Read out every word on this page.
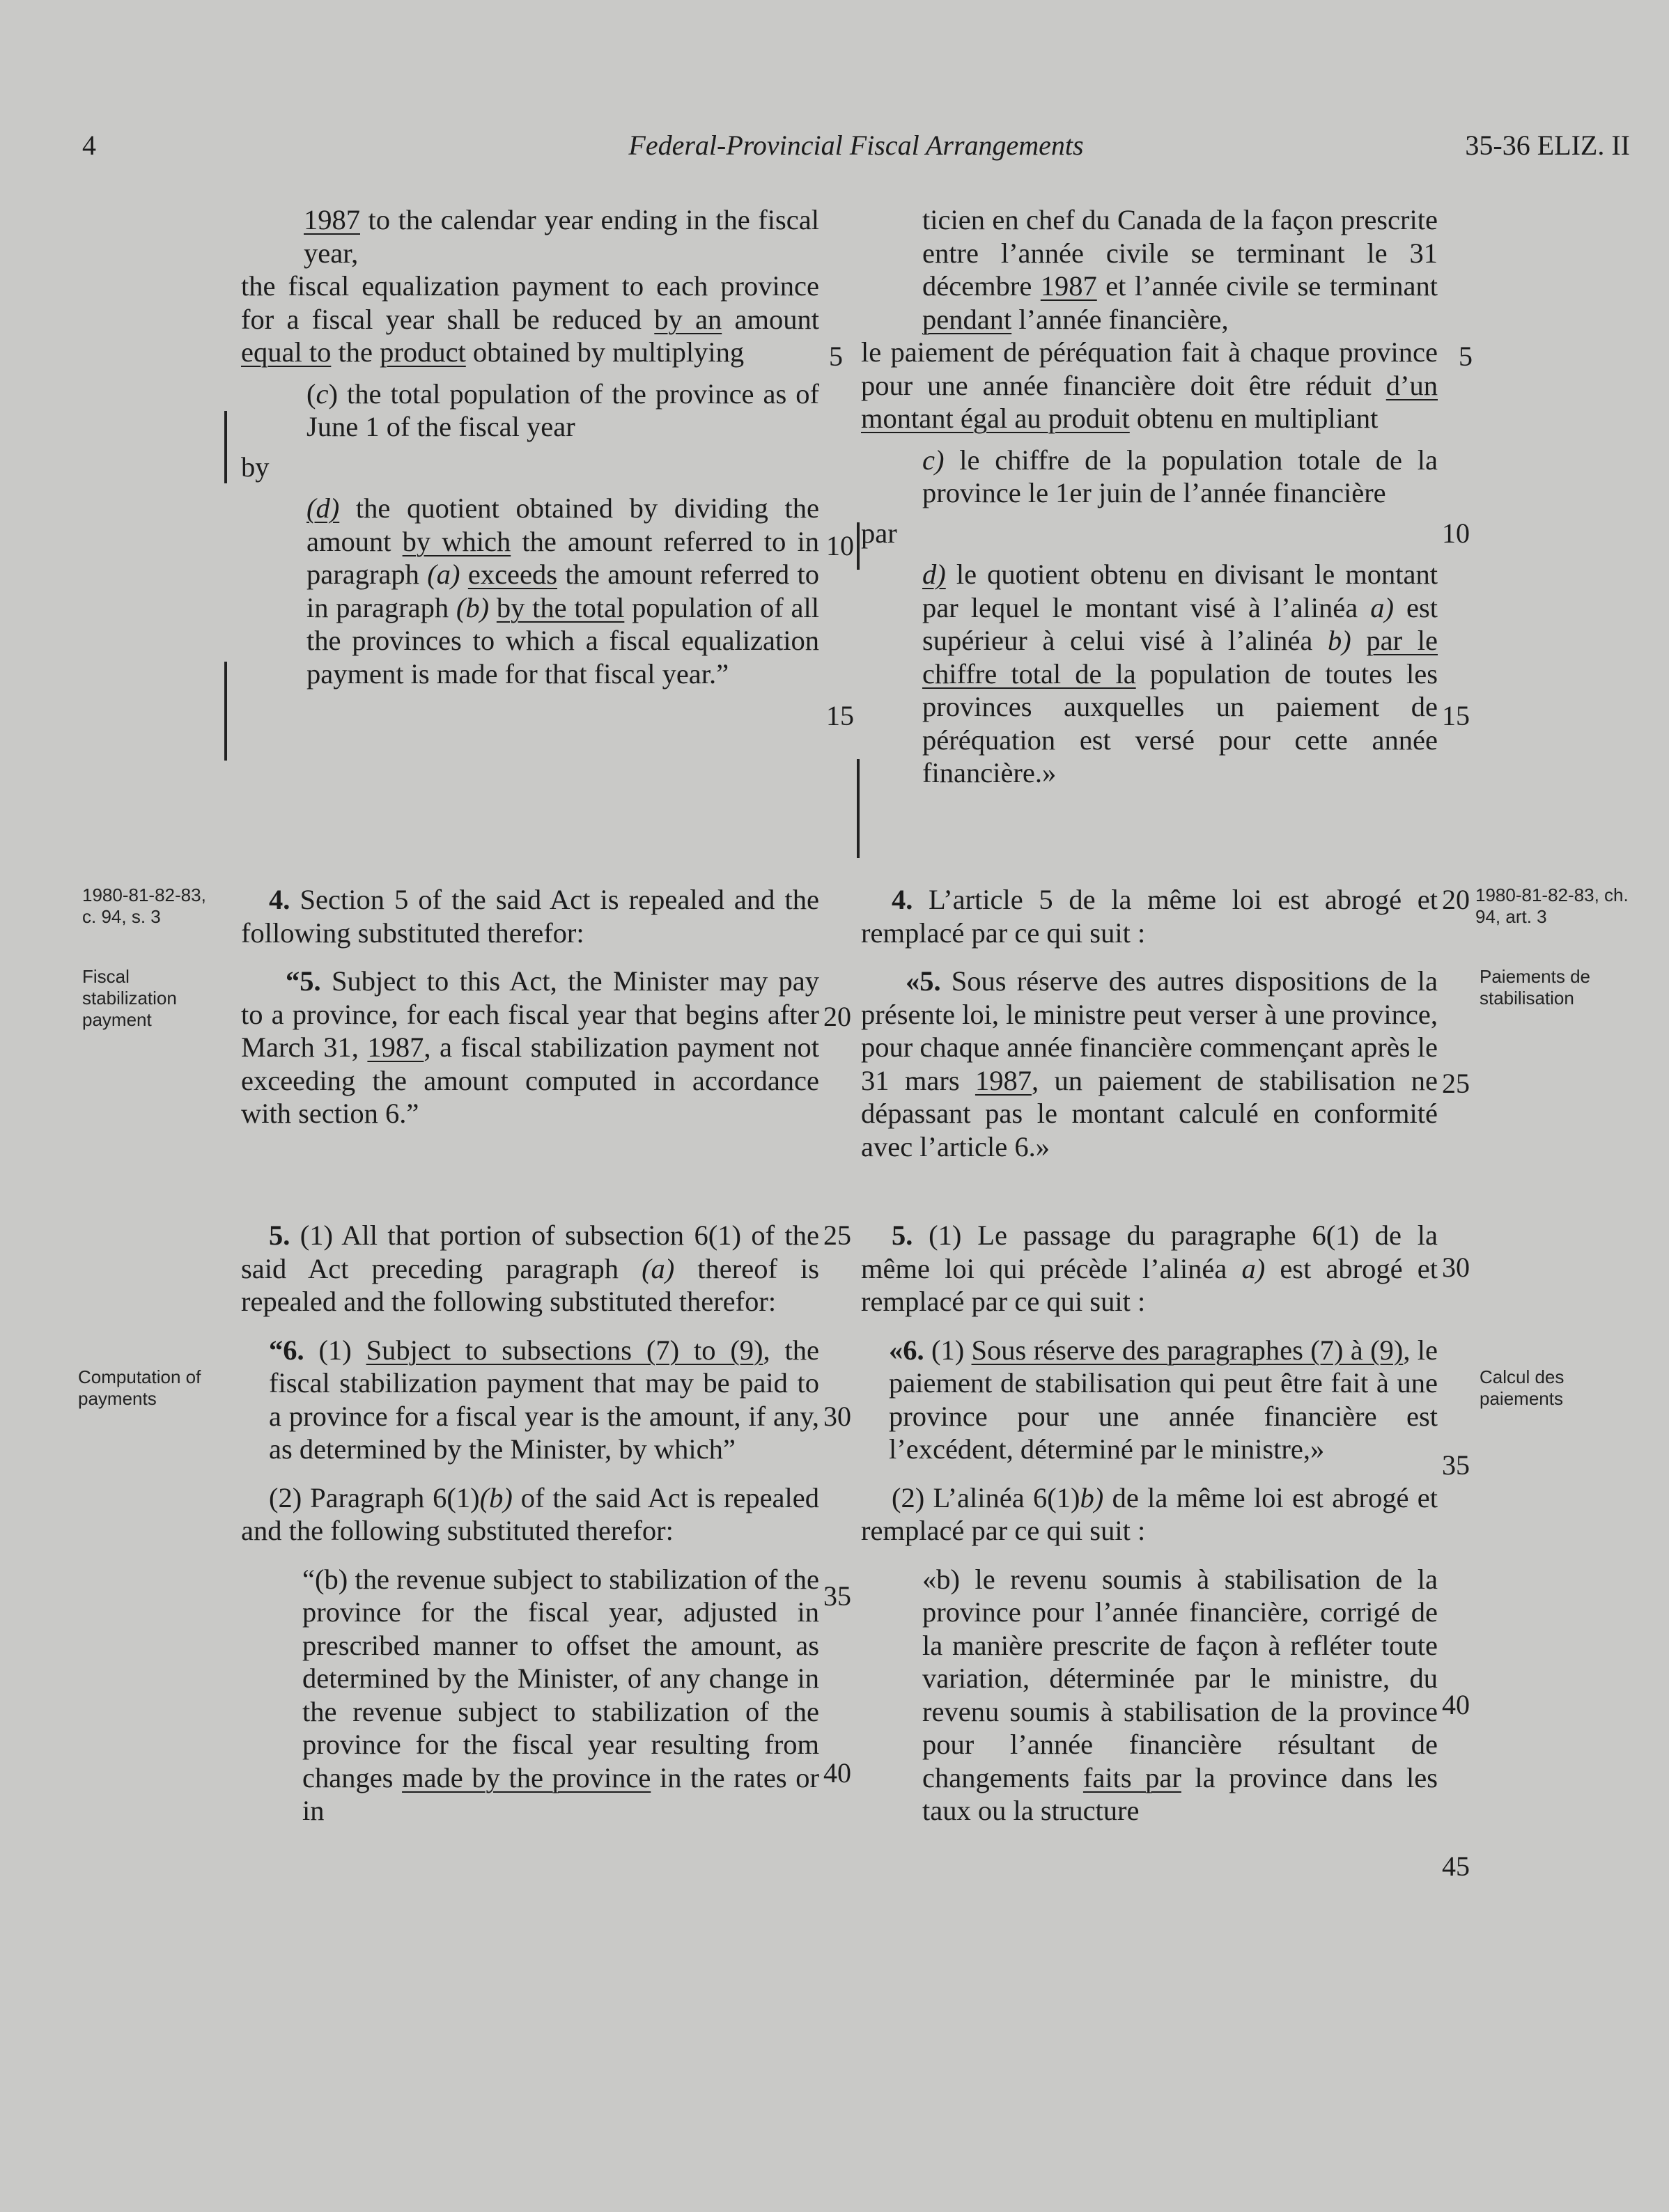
4	Federal-Provincial Fiscal Arrangements	35-36 ELIZ. II
1980-81-82-83, c. 94, s. 3
Fiscal stabilization payment
Computation of payments
1980-81-82-83, ch. 94, art. 3
Paiements de stabilisation
Calcul des paiements

1987 to the calendar year ending in the fiscal year,

the fiscal equalization payment to each province for a fiscal year shall be reduced by an amount equal to the product obtained by multiplying

(c) the total population of the province as of June 1 of the fiscal year

by

(d) the quotient obtained by dividing the amount by which the amount referred to in paragraph (a) exceeds the amount referred to in paragraph (b) by the total population of all the provinces to which a fiscal equalization payment is made for that fiscal year.”

4. Section 5 of the said Act is repealed and the following substituted therefor:

“5. Subject to this Act, the Minister may pay to a province, for each fiscal year that begins after March 31, 1987, a fiscal stabilization payment not exceeding the amount computed in accordance with section 6.”

5. (1) All that portion of subsection 6(1) of the said Act preceding paragraph (a) thereof is repealed and the following substituted therefor:

“6. (1) Subject to subsections (7) to (9), the fiscal stabilization payment that may be paid to a province for a fiscal year is the amount, if any, as determined by the Minister, by which”

(2) Paragraph 6(1)(b) of the said Act is repealed and the following substituted therefor:

“(b) the revenue subject to stabilization of the province for the fiscal year, adjusted in prescribed manner to offset the amount, as determined by the Minister, of any change in the revenue subject to stabilization of the province for the fiscal year resulting from changes made by the province in the rates or in

ticien en chef du Canada de la façon prescrite entre l’année civile se terminant le 31 décembre 1987 et l’année civile se terminant pendant l’année financière,

le paiement de péréquation fait à chaque province pour une année financière doit être réduit d’un montant égal au produit obtenu en multipliant

c) le chiffre de la population totale de la province le 1er juin de l’année financière

par

d) le quotient obtenu en divisant le montant par lequel le montant visé à l’alinéa a) est supérieur à celui visé à l’alinéa b) par le chiffre total de la population de toutes les provinces auxquelles un paiement de péréquation est versé pour cette année financière.»

4. L’article 5 de la même loi est abrogé et remplacé par ce qui suit :

«5. Sous réserve des autres dispositions de la présente loi, le ministre peut verser à une province, pour chaque année financière commençant après le 31 mars 1987, un paiement de stabilisation ne dépassant pas le montant calculé en conformité avec l’article 6.»

5. (1) Le passage du paragraphe 6(1) de la même loi qui précède l’alinéa a) est abrogé et remplacé par ce qui suit :

«6. (1) Sous réserve des paragraphes (7) à (9), le paiement de stabilisation qui peut être fait à une province pour une année financière est l’excédent, déterminé par le ministre,»

(2) L’alinéa 6(1)b) de la même loi est abrogé et remplacé par ce qui suit :

«b) le revenu soumis à stabilisation de la province pour l’année financière, corrigé de la manière prescrite de façon à refléter toute variation, déterminée par le ministre, du revenu soumis à stabilisation de la province pour l’année financière résultant de changements faits par la province dans les taux ou la structure

5
10
15
20
25
30
35
40
5
10
15
20
25
30
35
40
45
